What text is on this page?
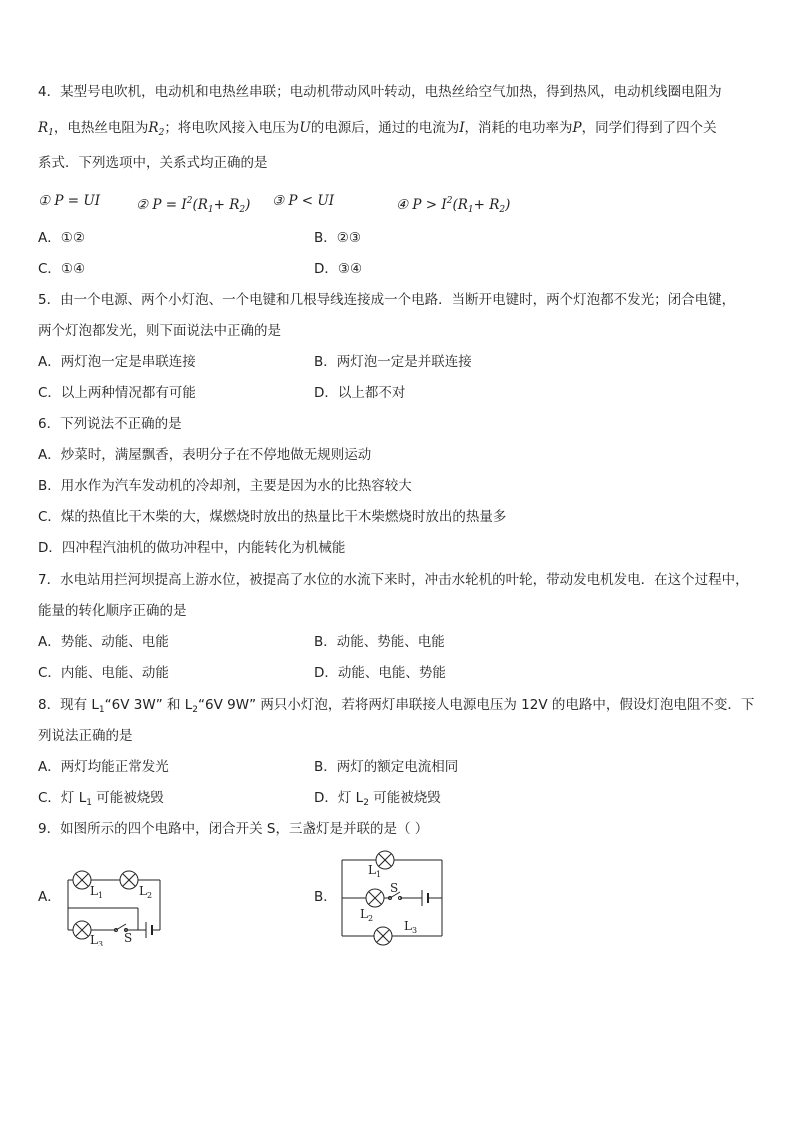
4．某型号电吹机，电动机和电热丝串联；电动机带动风叶转动，电热丝给空气加热，得到热风，电动机线圈电阻为
$R_1$，电热丝电阻为$R_2$；将电吹风接入电压为U的电源后，通过的电流为I，消耗的电功率为P，同学们得到了四个关
系式．下列选项中，关系式均正确的是
① P = UI	② $P = I^2(R_1+ R_2)$ ③ P < UI	④ $P > I^2(R_1+ R_2)$
A．①②	B．②③
C．①④	D．③④
5．由一个电源、两个小灯泡、一个电键和几根导线连接成一个电路．当断开电键时，两个灯泡都不发光；闭合电键，
两个灯泡都发光，则下面说法中正确的是
A．两灯泡一定是串联连接	B．两灯泡一定是并联连接
C．以上两种情况都有可能	D．以上都不对
6．下列说法不正确的是
A．炒菜时，满屋飘香，表明分子在不停地做无规则运动
B．用水作为汽车发动机的冷却剂，主要是因为水的比热容较大
C．煤的热值比干木柴的大，煤燃烧时放出的热量比干木柴燃烧时放出的热量多
D．四冲程汽油机的做功冲程中，内能转化为机械能
7．水电站用拦河坝提高上游水位，被提高了水位的水流下来时，冲击水轮机的叶轮，带动发电机发电．在这个过程中，
能量的转化顺序正确的是
A．势能、动能、电能	B．动能、势能、电能
C．内能、电能、动能	D．动能、电能、势能
8．现有 $L_1“6V$ 3W” 和 $L_2“6V$ 9W” 两只小灯泡，若将两灯串联接人电源电压为 12V 的电路中，假设灯泡电阻不变．下
列说法正确的是
A．两灯均能正常发光	B．两灯的额定电流相同
C．灯 $L_1$ 可能被烧毁	D．灯 $L_2$ 可能被烧毁
9．如图所示的四个电路中，闭合开关 S，三盏灯是并联的是（ ）
A．	B．
$L_1$	$L_2$
$L_3$ S
$L_1$
$L_2$
$L_3$
S
